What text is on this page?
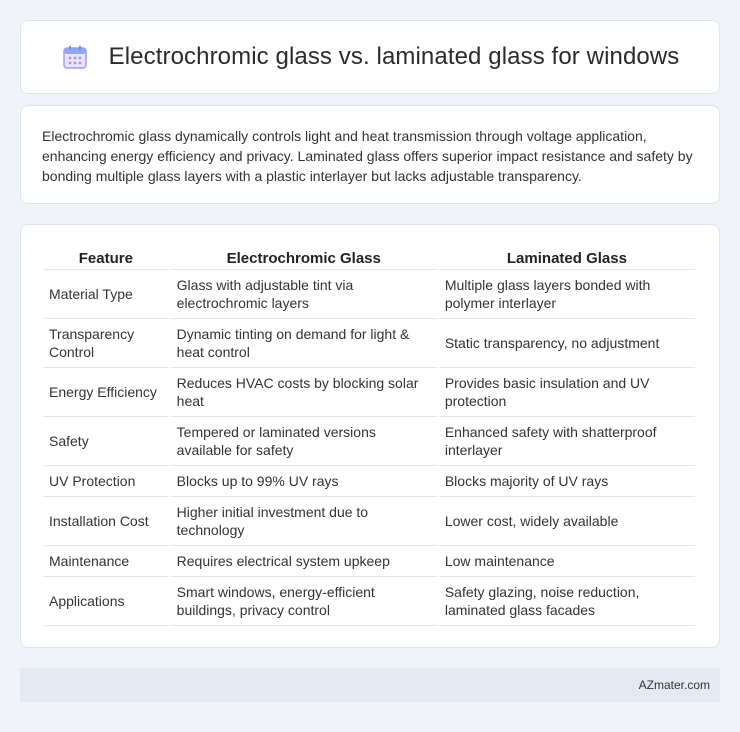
Electrochromic glass vs. laminated glass for windows

Electrochromic glass dynamically controls light and heat transmission through voltage application, enhancing energy efficiency and privacy. Laminated glass offers superior impact resistance and safety by bonding multiple glass layers with a plastic interlayer but lacks adjustable transparency.

Feature	Electrochromic Glass	Laminated Glass
Material Type	Glass with adjustable tint via electrochromic layers	Multiple glass layers bonded with polymer interlayer
Transparency Control	Dynamic tinting on demand for light & heat control	Static transparency, no adjustment
Energy Efficiency	Reduces HVAC costs by blocking solar heat	Provides basic insulation and UV protection
Safety	Tempered or laminated versions available for safety	Enhanced safety with shatterproof interlayer
UV Protection	Blocks up to 99% UV rays	Blocks majority of UV rays
Installation Cost	Higher initial investment due to technology	Lower cost, widely available
Maintenance	Requires electrical system upkeep	Low maintenance
Applications	Smart windows, energy-efficient buildings, privacy control	Safety glazing, noise reduction, laminated glass facades
AZmater.com
